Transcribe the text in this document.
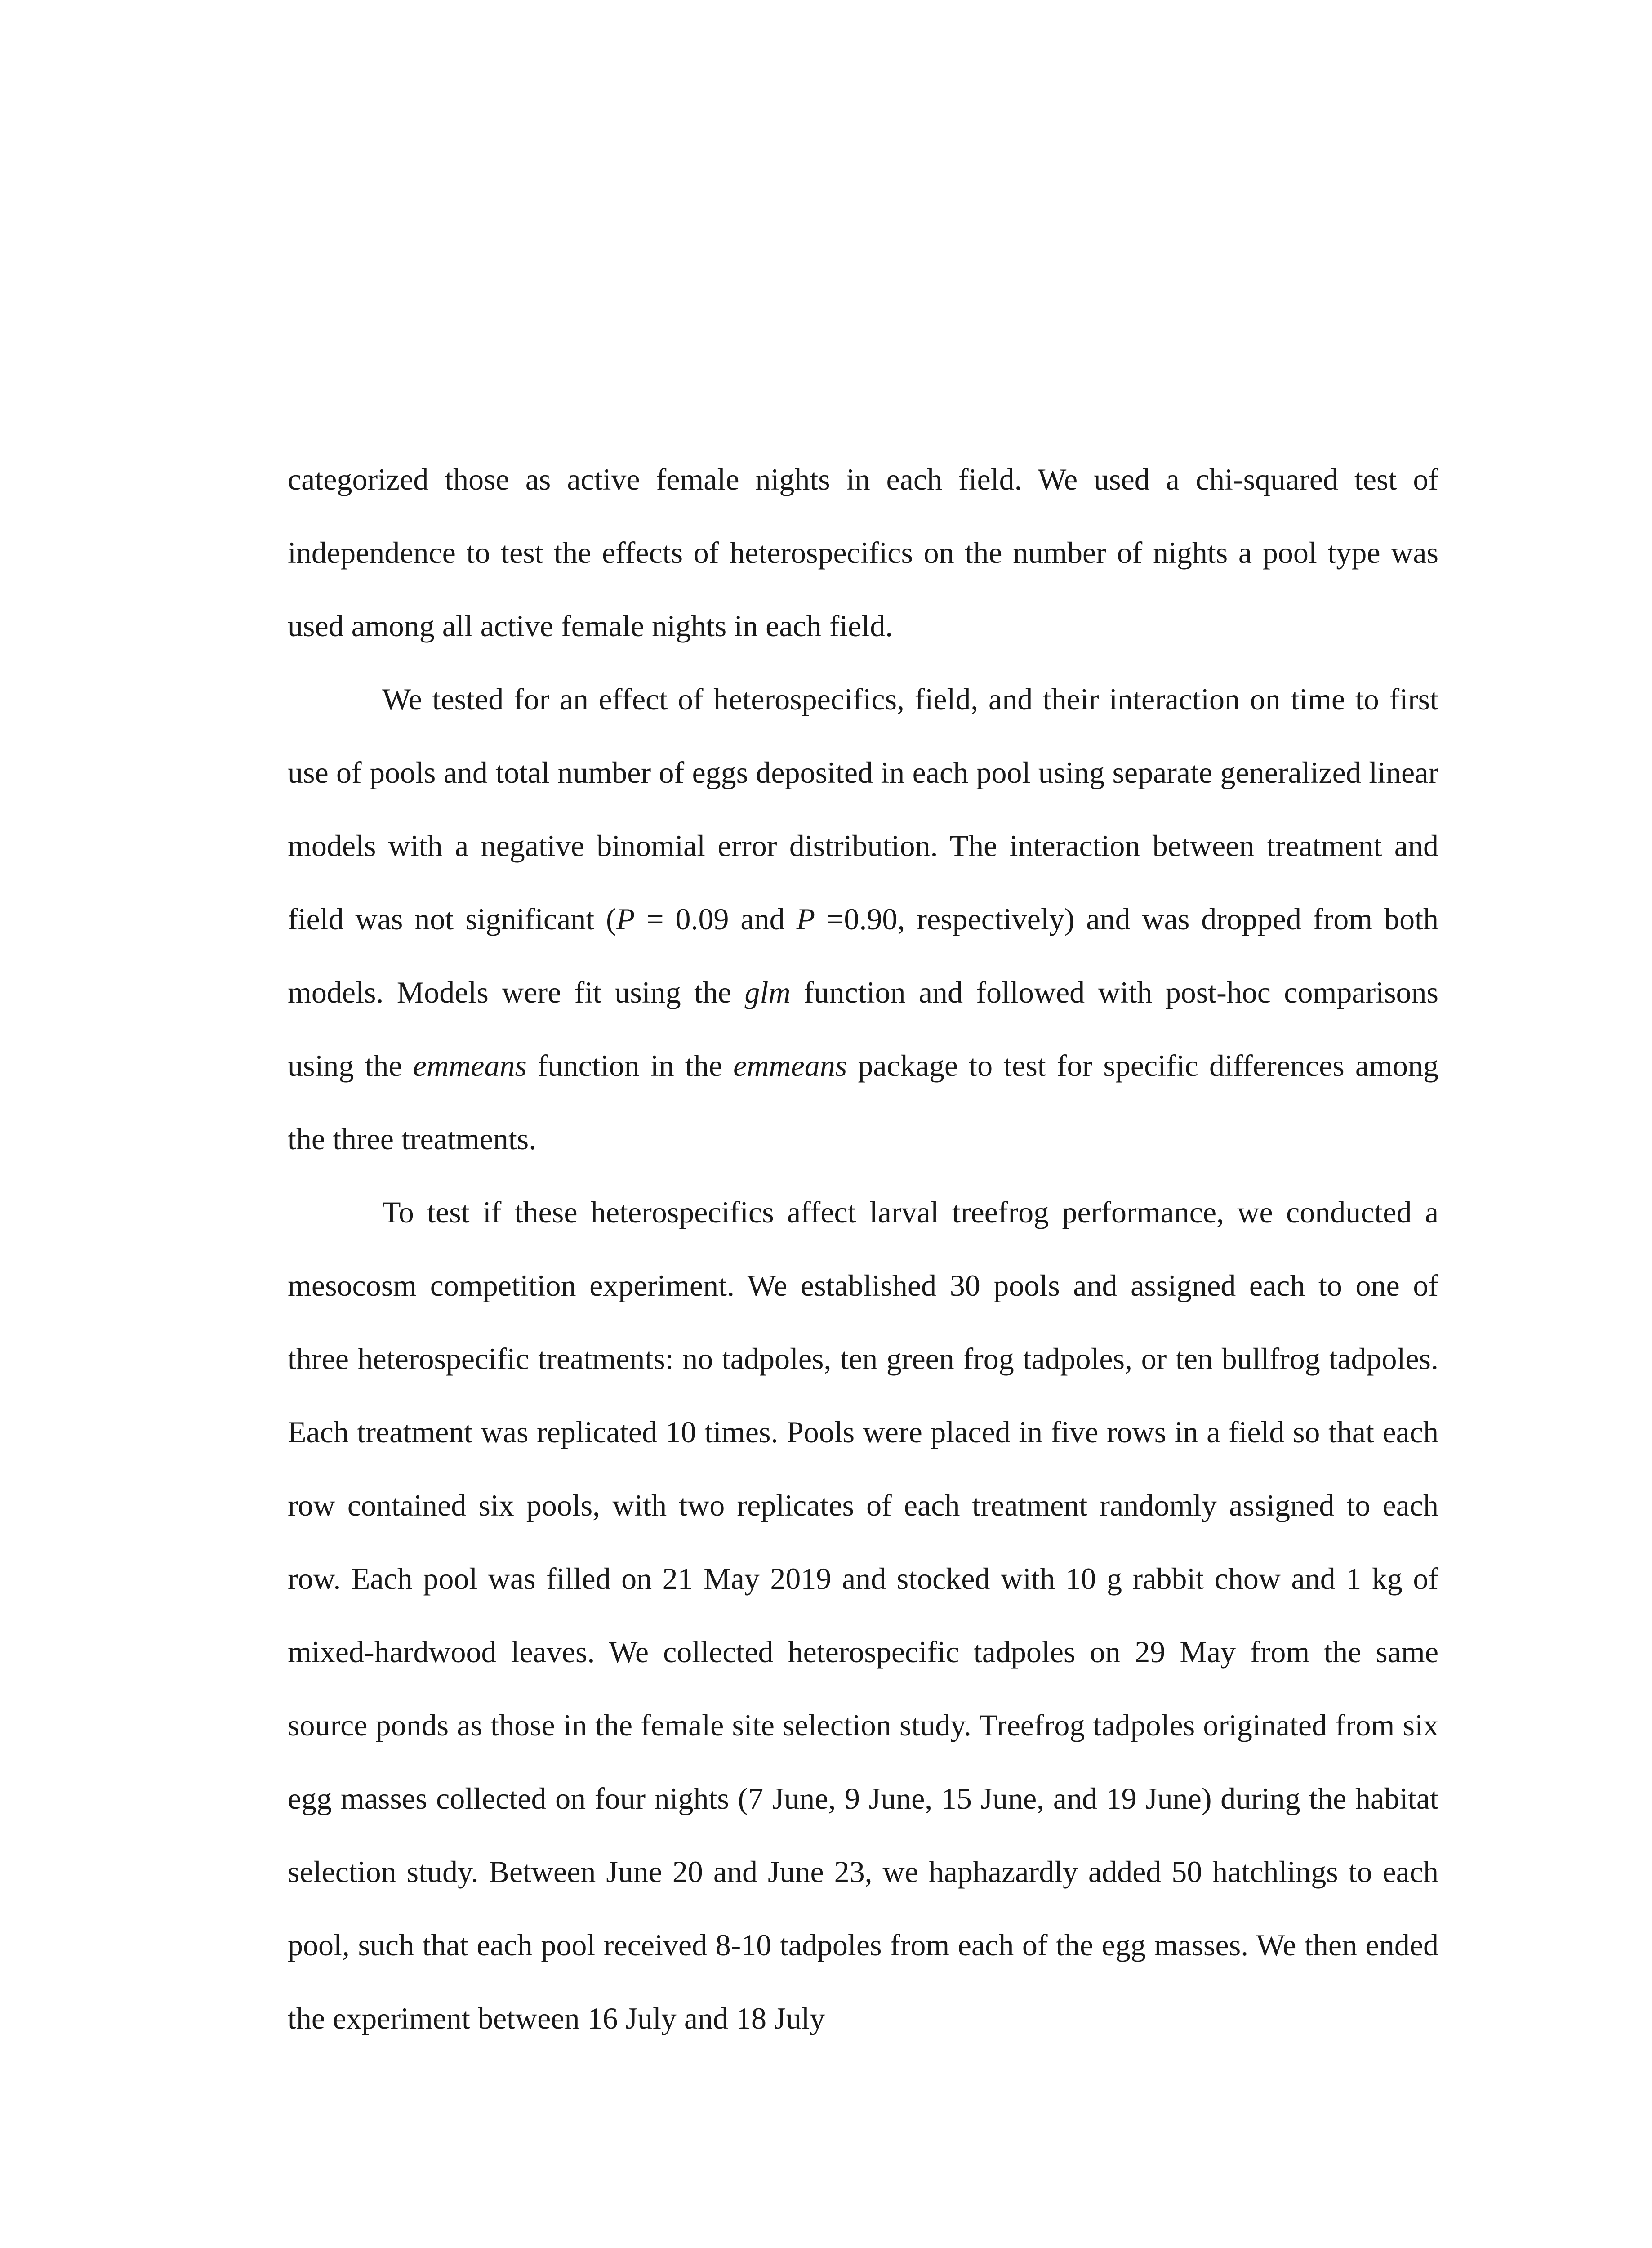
categorized those as active female nights in each field. We used a chi-squared test of independence to test the effects of heterospecifics on the number of nights a pool type was used among all active female nights in each field.

We tested for an effect of heterospecifics, field, and their interaction on time to first use of pools and total number of eggs deposited in each pool using separate generalized linear models with a negative binomial error distribution. The interaction between treatment and field was not significant (P = 0.09 and P =0.90, respectively) and was dropped from both models. Models were fit using the glm function and followed with post-hoc comparisons using the emmeans function in the emmeans package to test for specific differences among the three treatments.

To test if these heterospecifics affect larval treefrog performance, we conducted a mesocosm competition experiment. We established 30 pools and assigned each to one of three heterospecific treatments: no tadpoles, ten green frog tadpoles, or ten bullfrog tadpoles. Each treatment was replicated 10 times. Pools were placed in five rows in a field so that each row contained six pools, with two replicates of each treatment randomly assigned to each row. Each pool was filled on 21 May 2019 and stocked with 10 g rabbit chow and 1 kg of mixed-hardwood leaves. We collected heterospecific tadpoles on 29 May from the same source ponds as those in the female site selection study. Treefrog tadpoles originated from six egg masses collected on four nights (7 June, 9 June, 15 June, and 19 June) during the habitat selection study. Between June 20 and June 23, we haphazardly added 50 hatchlings to each pool, such that each pool received 8-10 tadpoles from each of the egg masses. We then ended the experiment between 16 July and 18 July
